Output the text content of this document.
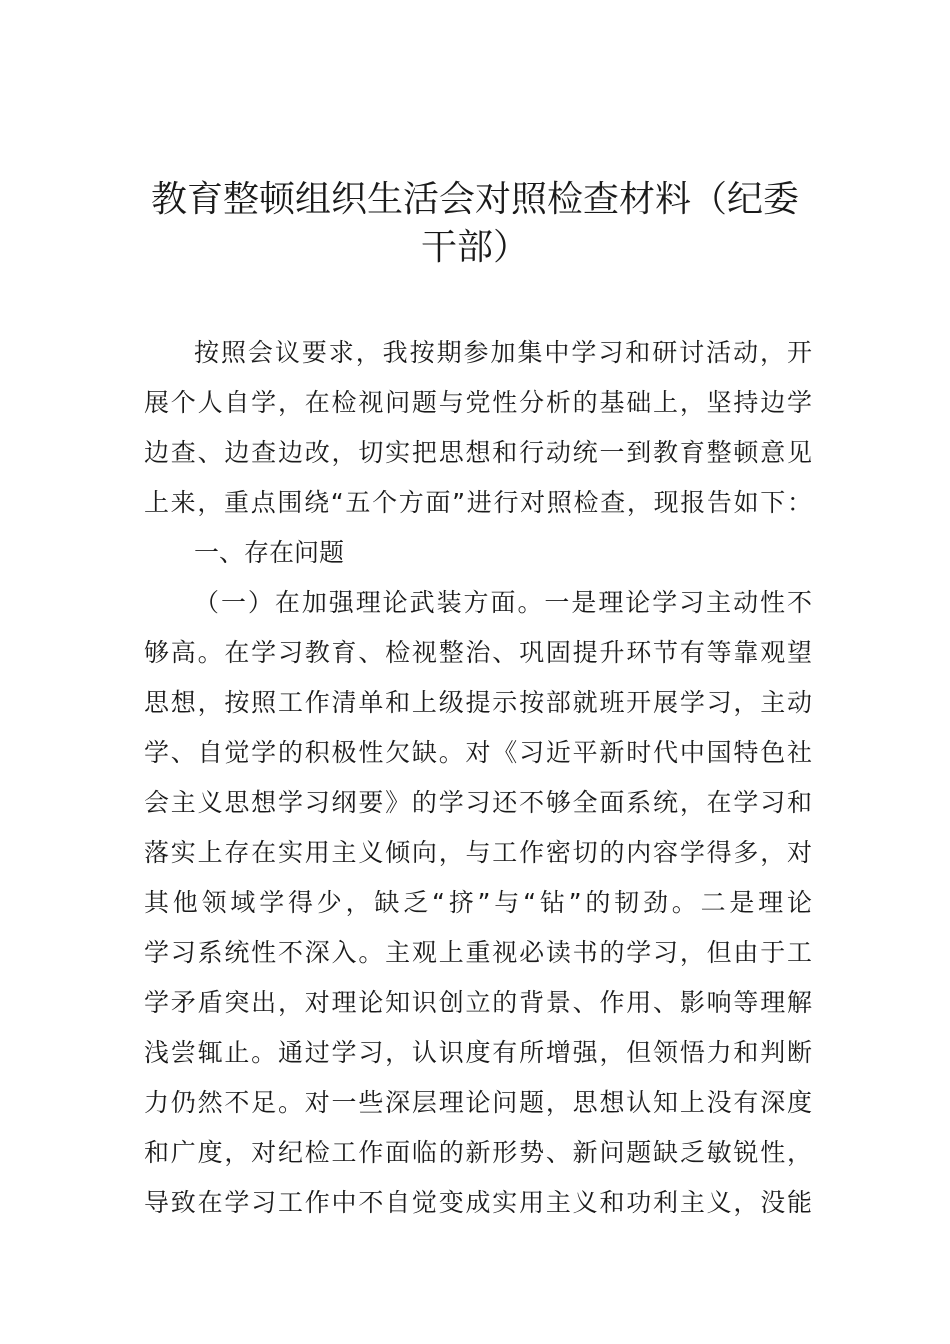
教育整顿组织生活会对照检查材料（纪委
干部）
按照会议要求，我按期参加集中学习和研讨活动，开
展个人自学，在检视问题与党性分析的基础上，坚持边学
边查、边查边改，切实把思想和行动统一到教育整顿意见
上来，重点围绕“五个方面”进行对照检查，现报告如下：
一、存在问题
（一）在加强理论武装方面。一是理论学习主动性不
够高。在学习教育、检视整治、巩固提升环节有等靠观望
思想，按照工作清单和上级提示按部就班开展学习，主动
学、自觉学的积极性欠缺。对《习近平新时代中国特色社
会主义思想学习纲要》的学习还不够全面系统，在学习和
落实上存在实用主义倾向，与工作密切的内容学得多，对
其他领域学得少，缺乏“挤”与“钻”的韧劲。二是理论
学习系统性不深入。主观上重视必读书的学习，但由于工
学矛盾突出，对理论知识创立的背景、作用、影响等理解
浅尝辄止。通过学习，认识度有所增强，但领悟力和判断
力仍然不足。对一些深层理论问题，思想认知上没有深度
和广度，对纪检工作面临的新形势、新问题缺乏敏锐性，
导致在学习工作中不自觉变成实用主义和功利主义，没能
